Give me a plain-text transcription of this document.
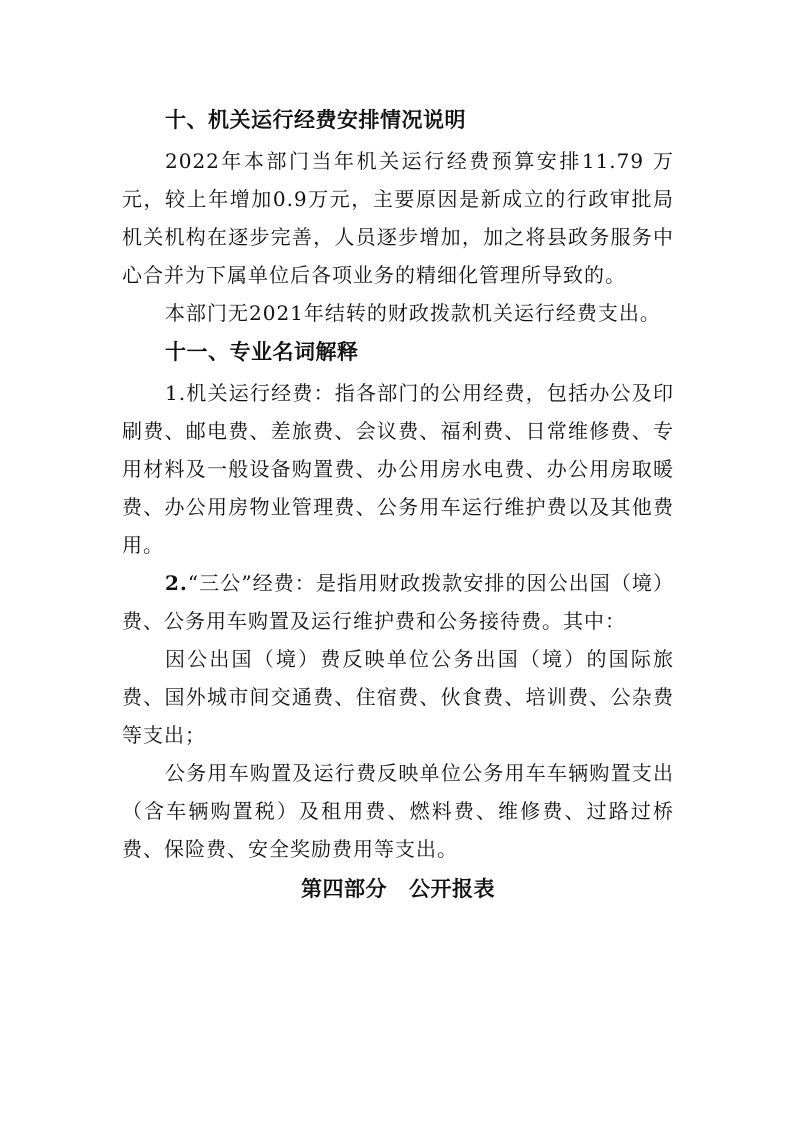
十、机关运行经费安排情况说明

2022年本部门当年机关运行经费预算安排11.79 万元，较上年增加0.9万元，主要原因是新成立的行政审批局机关机构在逐步完善，人员逐步增加，加之将县政务服务中心合并为下属单位后各项业务的精细化管理所导致的。

本部门无2021年结转的财政拨款机关运行经费支出。

十一、专业名词解释

1.机关运行经费：指各部门的公用经费，包括办公及印刷费、邮电费、差旅费、会议费、福利费、日常维修费、专用材料及一般设备购置费、办公用房水电费、办公用房取暖费、办公用房物业管理费、公务用车运行维护费以及其他费用。

2.“三公”经费：是指用财政拨款安排的因公出国（境）费、公务用车购置及运行维护费和公务接待费。其中：

因公出国（境）费反映单位公务出国（境）的国际旅费、国外城市间交通费、住宿费、伙食费、培训费、公杂费等支出；

公务用车购置及运行费反映单位公务用车车辆购置支出（含车辆购置税）及租用费、燃料费、维修费、过路过桥费、保险费、安全奖励费用等支出。

第四部分 公开报表
